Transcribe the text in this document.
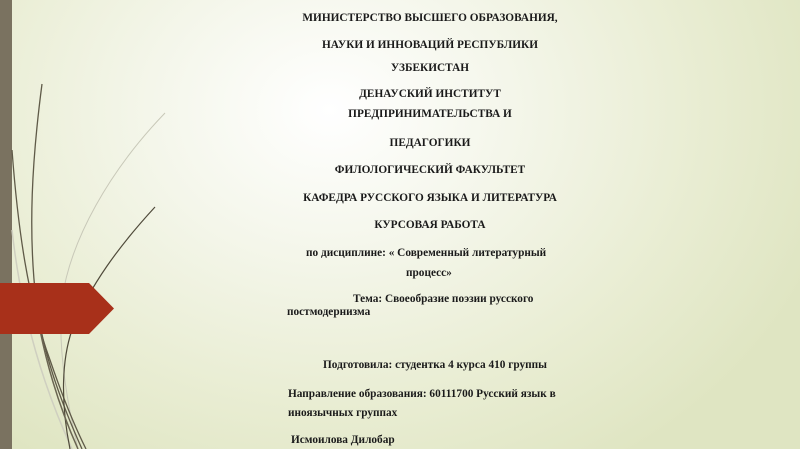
МИНИСТЕРСТВО ВЫСШЕГО ОБРАЗОВАНИЯ,
НАУКИ И ИННОВАЦИЙ РЕСПУБЛИКИ
УЗБЕКИСТАН
ДЕНАУСКИЙ ИНСТИТУТ
ПРЕДПРИНИМАТЕЛЬСТВА И
ПЕДАГОГИКИ
ФИЛОЛОГИЧЕСКИЙ ФАКУЛЬТЕТ
КАФЕДРА РУССКОГО ЯЗЫКА И ЛИТЕРАТУРА
КУРСОВАЯ РАБОТА
по дисциплине: « Современный литературный
процесс»
Тема: Своеобразие поэзии русского
постмодернизма
Подготовила: студентка 4 курса 410 группы
Направление образования: 60111700 Русский язык в
иноязычных группах
Исмоилова Дилобар
